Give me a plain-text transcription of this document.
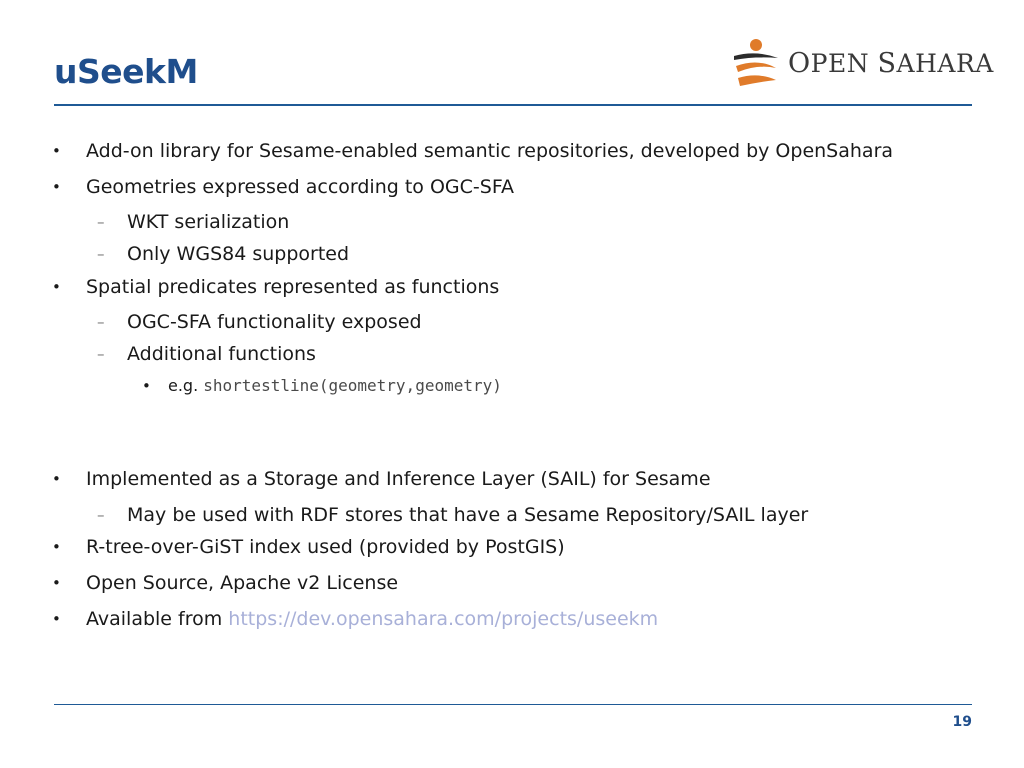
uSeekM	OPEN SAHARA
• Add-on library for Sesame-enabled semantic repositories, developed by OpenSahara
• Geometries expressed according to OGC-SFA
– WKT serialization
– Only WGS84 supported
• Spatial predicates represented as functions
– OGC-SFA functionality exposed
– Additional functions
• e.g. shortestline(geometry,geometry)
• Implemented as a Storage and Inference Layer (SAIL) for Sesame
– May be used with RDF stores that have a Sesame Repository/SAIL layer
• R-tree-over-GiST index used (provided by PostGIS)
• Open Source, Apache v2 License
• Available from https://dev.opensahara.com/projects/useekm
19
